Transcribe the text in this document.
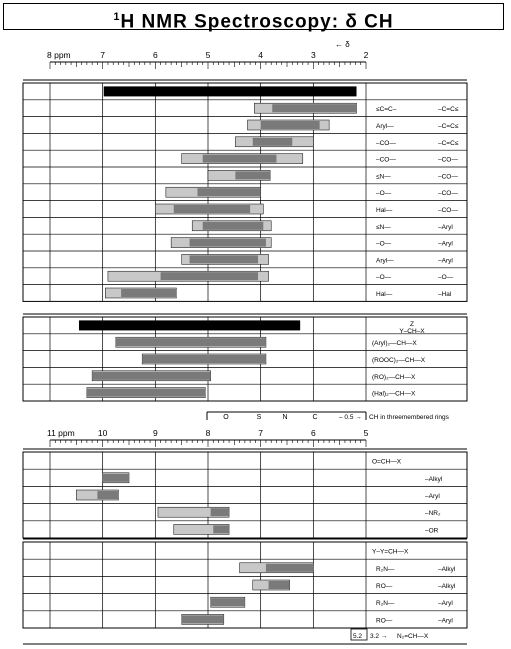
$^1$H NMR Spectroscopy: δ CH
8 ppm	7	6	5	4	3	2
← δ
≤C=C–	–C=C≤
Aryl—	–C=C≤
–CO—	–C=C≤
–CO—	–CO—
≤N—	–CO—
–O—	–CO—
Hal—	–CO—
≤N—	–Aryl
–O—	–Aryl
Aryl—	–Aryl
–O—	–O—
Hal—	–Hal
Z
Y–CH–X
(Aryl)₂—CH—X
(ROOC)₂—CH—X
(RO)₂—CH—X
(Hal)₂—CH—X
O	S	N	C	– 0.5 → CH in threemembered rings
11 ppm	10	9	8	7	6	5
O=CH—X
–Alkyl
–Aryl
–NR₂
–OR
Y–Y=CH—X
R₂N—	–Alkyl
RO—	–Alkyl
R₂N—	–Aryl
RO—	–Aryl
5.2 3.2 → N₂=CH—X
